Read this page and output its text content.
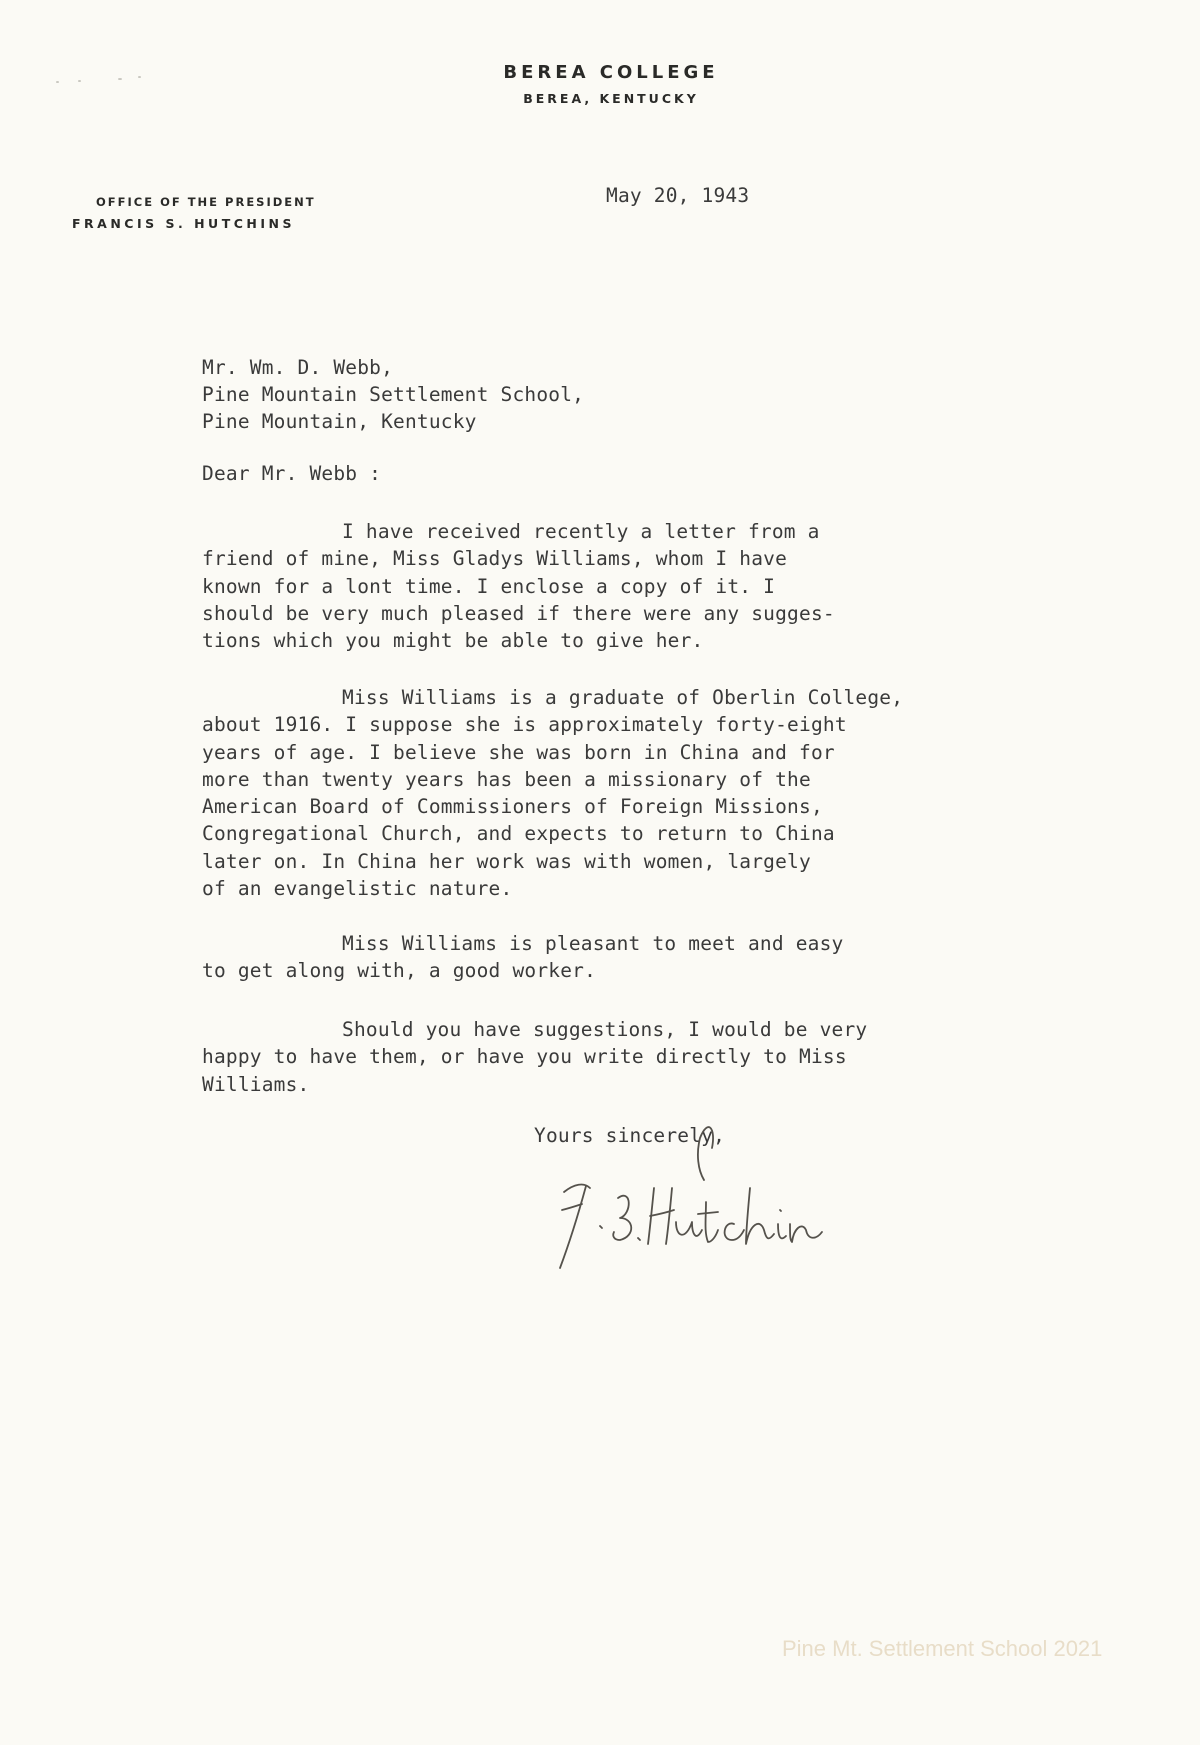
BEREA COLLEGE
BEREA, KENTUCKY
OFFICE OF THE PRESIDENT
FRANCIS S. HUTCHINS
May 20, 1943
Mr. Wm. D. Webb,
Pine Mountain Settlement School,
Pine Mountain, Kentucky
Dear Mr. Webb :
I have received recently a letter from a
friend of mine, Miss Gladys Williams, whom I have
known for a lont time. I enclose a copy of it. I
should be very much pleased if there were any sugges-
tions which you might be able to give her.
Miss Williams is a graduate of Oberlin College,
about 1916. I suppose she is approximately forty-eight
years of age. I believe she was born in China and for
more than twenty years has been a missionary of the
American Board of Commissioners of Foreign Missions,
Congregational Church, and expects to return to China
later on. In China her work was with women, largely
of an evangelistic nature.
Miss Williams is pleasant to meet and easy
to get along with, a good worker.
Should you have suggestions, I would be very
happy to have them, or have you write directly to Miss
Williams.
Yours sincerely,
Pine Mt. Settlement School 2021
